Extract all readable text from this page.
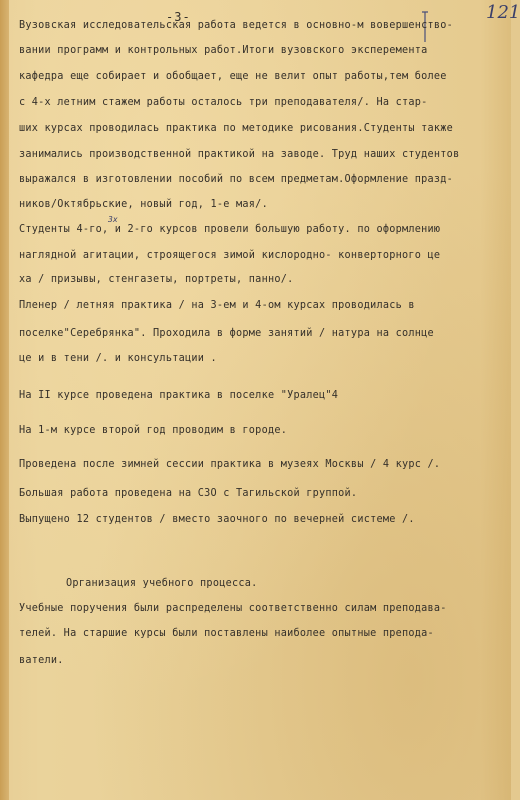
-3-	121
Вузовская исследовательская работа ведется в основно-м вовершенство-
вании программ и контрольных работ.Итоги вузовского эксперемента
кафедра еще собирает и обобщает, еще не велит опыт работы,тем более
с 4-х летним стажем работы осталось три преподавателя/. На стар-
ших курсах проводилась практика по методике рисования.Студенты также
занимались производственной практикой на заводе. Труд наших студентов
выражался в изготовлении пособий по всем предметам.Оформление празд-
ников/Октябрьские, новый год, 1-е мая/.
3х
Студенты 4-го, и 2-го курсов провели большую работу. по оформлению
наглядной агитации, строящегося зимой кислородно- конверторного це
ха / призывы, стенгазеты, портреты, панно/.
Пленер / летняя практика / на 3-ем и 4-ом курсах проводилась в
поселке"Серебрянка". Проходила в форме занятий / натура на солнце
це и в тени /. и консультации .
На II курсе проведена практика в поселке "Уралец"4
На 1-м курсе второй год проводим в городе.
Проведена после зимней сессии практика в музеях Москвы / 4 курс /.
Большая работа проведена на СЗО с Тагильской группой.
Выпущено 12 студентов / вместо заочного по вечерней системе /.
Организация учебного процесса.
Учебные поручения были распределены соответственно силам преподава-
телей. На старшие курсы были поставлены наиболее опытные препода-
ватели.
